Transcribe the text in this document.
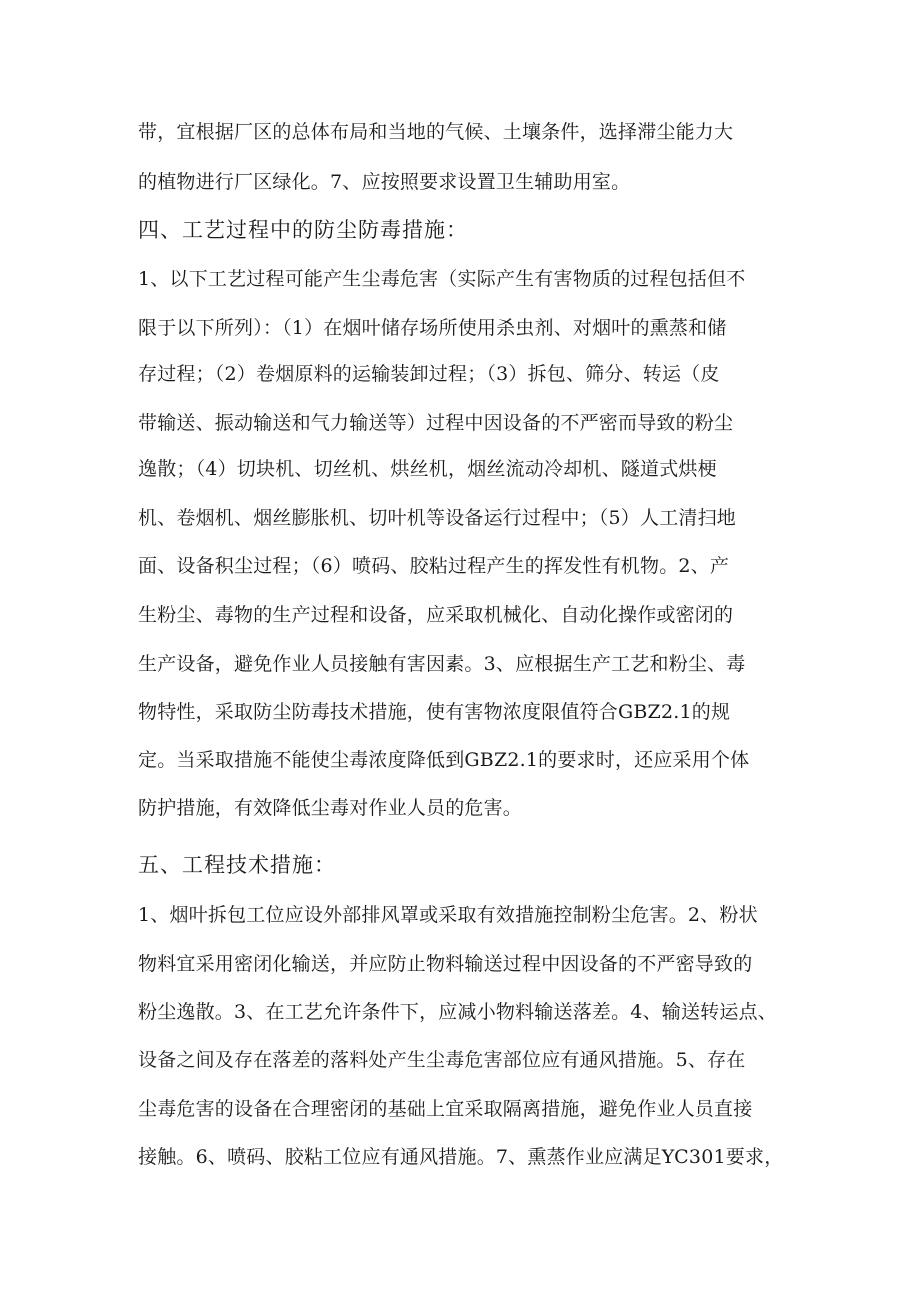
带，宜根据厂区的总体布局和当地的气候、土壤条件，选择滞尘能力大
的植物进行厂区绿化。7、应按照要求设置卫生辅助用室。
四、工艺过程中的防尘防毒措施：
1、以下工艺过程可能产生尘毒危害（实际产生有害物质的过程包括但不
限于以下所列）：（1）在烟叶储存场所使用杀虫剂、对烟叶的熏蒸和储
存过程；（2）卷烟原料的运输装卸过程；（3）拆包、筛分、转运（皮
带输送、振动输送和气力输送等）过程中因设备的不严密而导致的粉尘
逸散；（4）切块机、切丝机、烘丝机，烟丝流动冷却机、隧道式烘梗
机、卷烟机、烟丝膨胀机、切叶机等设备运行过程中；（5）人工清扫地
面、设备积尘过程；（6）喷码、胶粘过程产生的挥发性有机物。2、产
生粉尘、毒物的生产过程和设备，应采取机械化、自动化操作或密闭的
生产设备，避免作业人员接触有害因素。3、应根据生产工艺和粉尘、毒
物特性，采取防尘防毒技术措施，使有害物浓度限值符合GBZ2.1的规
定。当采取措施不能使尘毒浓度降低到GBZ2.1的要求时，还应采用个体
防护措施，有效降低尘毒对作业人员的危害。
五、工程技术措施：
1、烟叶拆包工位应设外部排风罩或采取有效措施控制粉尘危害。2、粉状
物料宜采用密闭化输送，并应防止物料输送过程中因设备的不严密导致的
粉尘逸散。3、在工艺允许条件下，应减小物料输送落差。4、输送转运点、
设备之间及存在落差的落料处产生尘毒危害部位应有通风措施。5、存在
尘毒危害的设备在合理密闭的基础上宜采取隔离措施，避免作业人员直接
接触。6、喷码、胶粘工位应有通风措施。7、熏蒸作业应满足YC301要求，
